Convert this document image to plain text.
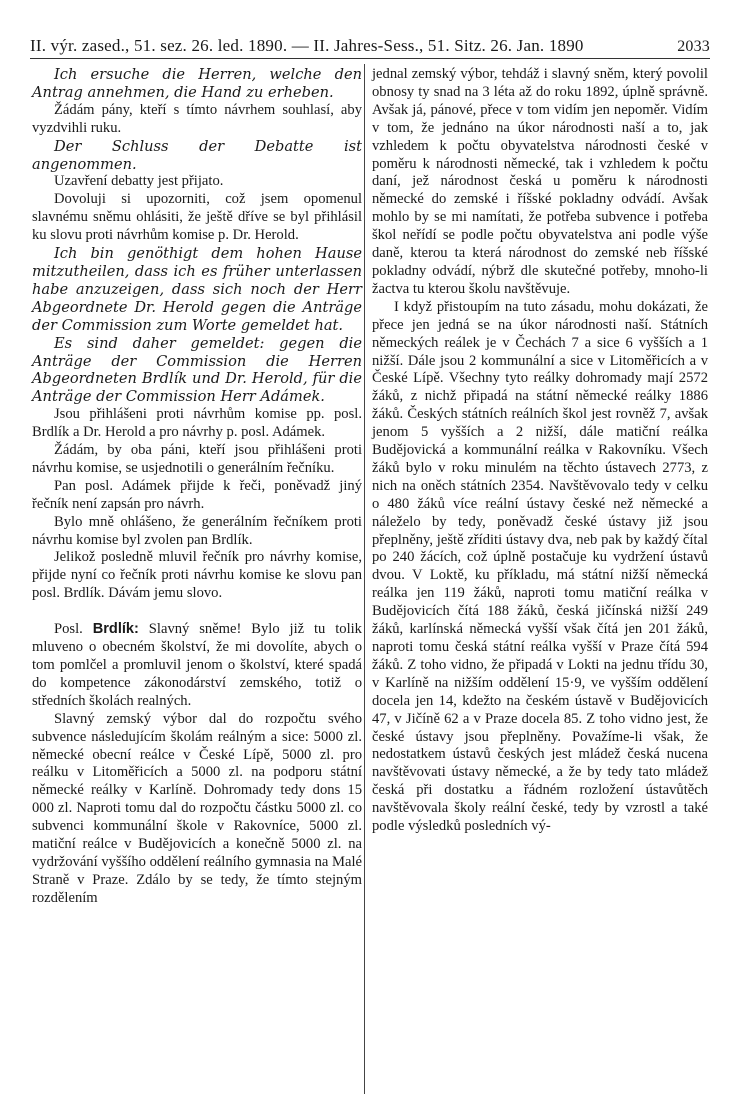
II. výr. zased., 51. sez. 26. led. 1890. — II. Jahres-Sess., 51. Sitz. 26. Jan. 1890	2033

Ich ersuche die Herren, welche den Antrag annehmen, die Hand zu erheben.

Žádám pány, kteří s tímto návrhem souhlasí, aby vyzdvihli ruku.

Der Schluss der Debatte ist angenommen.

Uzavření debatty jest přijato.

Dovoluji si upozorniti, což jsem opomenul slavnému sněmu ohlásiti, že ještě dříve se byl přihlásil ku slovu proti návrhům komise p. Dr. Herold.

Ich bin genöthigt dem hohen Hause mitzutheilen, dass ich es früher unterlassen habe anzuzeigen, dass sich noch der Herr Abgeordnete Dr. Herold gegen die Anträge der Commission zum Worte gemeldet hat.

Es sind daher gemeldet: gegen die Anträge der Commission die Herren Abgeordneten Brdlík und Dr. Herold, für die Anträge der Commission Herr Adámek.

Jsou přihlášeni proti návrhům komise pp. posl. Brdlík a Dr. Herold a pro návrhy p. posl. Adámek.

Žádám, by oba páni, kteří jsou přihlášeni proti návrhu komise, se usjednotili o generálním řečníku.

Pan posl. Adámek přijde k řeči, poněvadž jiný řečník není zapsán pro návrh.

Bylo mně ohlášeno, že generálním řečníkem proti návrhu komise byl zvolen pan Brdlík.

Jelikož posledně mluvil řečník pro návrhy komise, přijde nyní co řečník proti návrhu komise ke slovu pan posl. Brdlík. Dávám jemu slovo.

Posl. Brdlík: Slavný sněme! Bylo již tu tolik mluveno o obecném školství, že mi dovolíte, abych o tom pomlčel a promluvil jenom o školství, které spadá do kompetence zákonodárství zemského, totiž o středních školách realných.

Slavný zemský výbor dal do rozpočtu svého subvence následujícím školám reálným a sice: 5000 zl. německé obecní reálce v České Lípě, 5000 zl. pro reálku v Litoměřicích a 5000 zl. na podporu státní německé reálky v Karlíně. Dohromady tedy dons 15 000 zl. Naproti tomu dal do rozpočtu částku 5000 zl. co subvenci kommunální škole v Rakovníce, 5000 zl. matiční reálce v Budějovicích a konečně 5000 zl. na vydržování vyššího oddělení reálního gymnasia na Malé Straně v Praze. Zdálo by se tedy, že tímto stejným rozdělením

jednal zemský výbor, tehdáž i slavný sněm, který povolil obnosy ty snad na 3 léta až do roku 1892, úplně správně. Avšak já, pánové, přece v tom vidím jen nepoměr. Vidím v tom, že jednáno na úkor národnosti naší a to, jak vzhledem k počtu obyvatelstva národnosti české v poměru k národnosti německé, tak i vzhledem k počtu daní, jež národnost česká u poměru k národnosti německé do zemské i říšské pokladny odvádí. Avšak mohlo by se mi namítati, že potřeba subvence i potřeba škol neřídí se podle počtu obyvatelstva ani podle výše daně, kterou ta která národnost do zemské neb říšské pokladny odvádí, nýbrž dle skutečné potřeby, mnoho-li žactva tu kterou školu navštěvuje.

I když přistoupím na tuto zásadu, mohu dokázati, že přece jen jedná se na úkor národnosti naší. Státních německých reálek je v Čechách 7 a sice 6 vyšších a 1 nižší. Dále jsou 2 kommunální a sice v Litoměřicích a v České Lípě. Všechny tyto reálky dohromady mají 2572 žáků, z nichž připadá na státní německé reálky 1886 žáků. Českých státních reálních škol jest rovněž 7, avšak jenom 5 vyšších a 2 nižší, dále matiční reálka Budějovická a kommunální reálka v Rakovníku. Všech žáků bylo v roku minulém na těchto ústavech 2773, z nich na oněch státních 2354. Navštěvovalo tedy v celku o 480 žáků více reální ústavy české než německé a náleželo by tedy, poněvadž české ústavy již jsou přeplněny, ještě zříditi ústavy dva, neb pak by každý čítal po 240 žácích, což úplně postačuje ku vydržení ústavů dvou. V Loktě, ku příkladu, má státní nižší německá reálka jen 119 žáků, naproti tomu matiční reálka v Budějovicích čítá 188 žáků, česká jičínská nižší 249 žáků, karlínská německá vyšší však čítá jen 201 žáků, naproti tomu česká státní reálka vyšší v Praze čítá 594 žáků. Z toho vidno, že připadá v Lokti na jednu třídu 30, v Karlíně na nižším oddělení 15·9, ve vyšším oddělení docela jen 14, kdežto na českém ústavě v Budějovicích 47, v Jičíně 62 a v Praze docela 85. Z toho vidno jest, že české ústavy jsou přeplněny. Považíme-li však, že nedostatkem ústavů českých jest mládež česká nucena navštěvovati ústavy německé, a že by tedy tato mládež česká při dostatku a řádném rozložení ústavůtěch navštěvovala školy reální české, tedy by vzrostl a také podle výsledků posledních vý-
